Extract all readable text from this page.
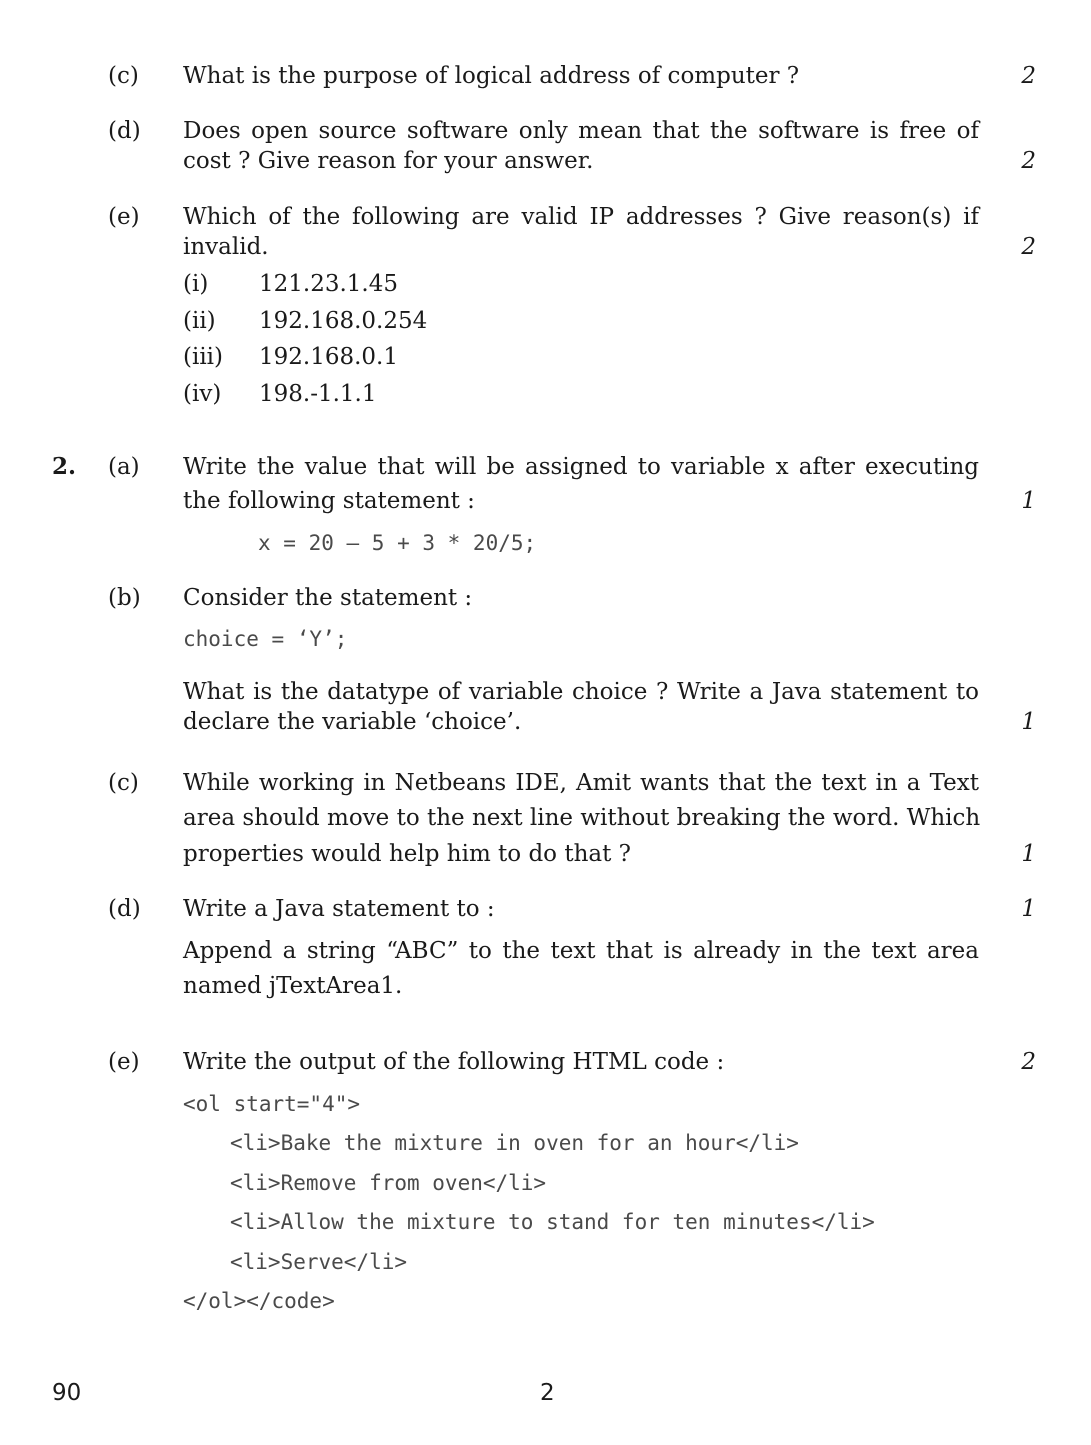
(c) What is the purpose of logical address of computer ?	2
(d) Does open source software only mean that the software is free of
cost ? Give reason for your answer.	2
(e) Which of the following are valid IP addresses ? Give reason(s) if
invalid.	2
(i) 121.23.1.45
(ii) 192.168.0.254
(iii) 192.168.0.1
(iv) 198.-1.1.1
2. (a) Write the value that will be assigned to variable x after executing
the following statement :	1
x = 20 – 5 + 3 * 20/5;
(b) Consider the statement :
choice = ‘Y’;
What is the datatype of variable choice ? Write a Java statement to
declare the variable ‘choice’.	1
(c) While working in Netbeans IDE, Amit wants that the text in a Text
area should move to the next line without breaking the word. Which
properties would help him to do that ?	1
(d) Write a Java statement to :	1
Append a string “ABC” to the text that is already in the text area
named jTextArea1.
(e) Write the output of the following HTML code :	2
<ol start="4">
<li>Bake the mixture in oven for an hour</li>
<li>Remove from oven</li>
<li>Allow the mixture to stand for ten minutes</li>
<li>Serve</li>
</ol></code>
90	2
